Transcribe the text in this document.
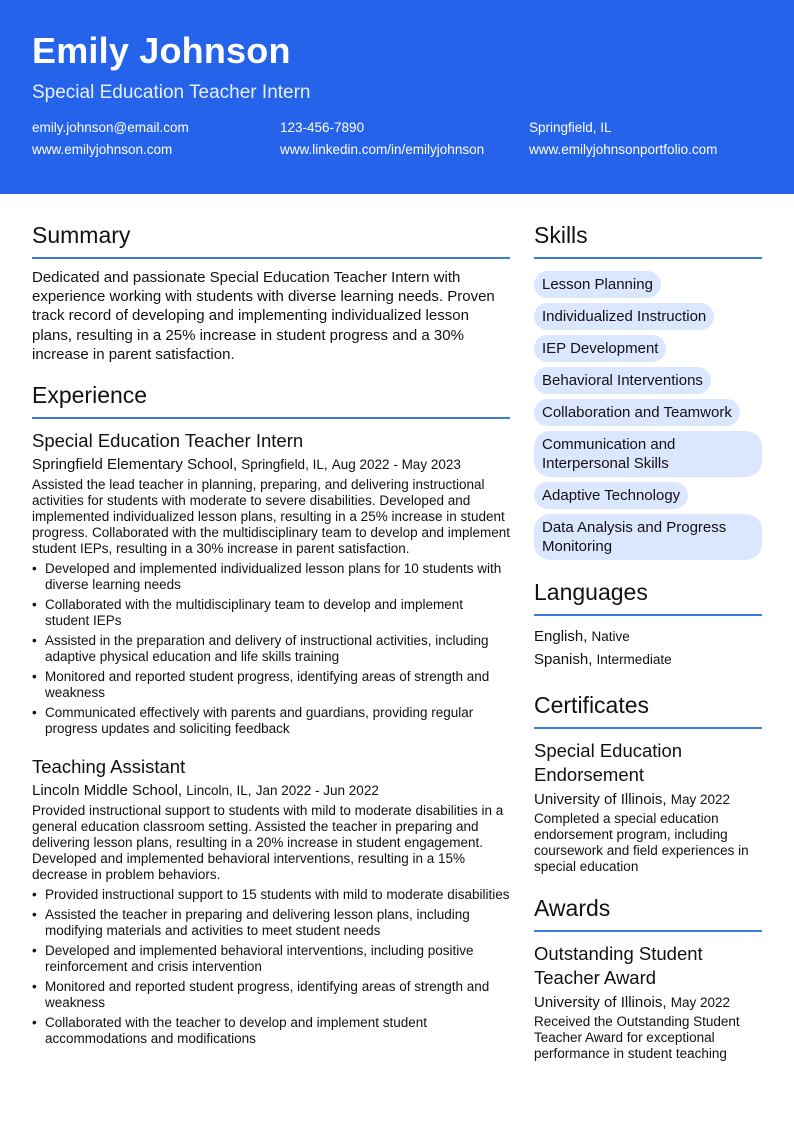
Emily Johnson
Special Education Teacher Intern
emily.johnson@email.com	123-456-7890	Springfield, IL
www.emilyjohnson.com	www.linkedin.com/in/emilyjohnson	www.emilyjohnsonportfolio.com
Summary

Dedicated and passionate Special Education Teacher Intern with experience working with students with diverse learning needs. Proven track record of developing and implementing individualized lesson plans, resulting in a 25% increase in student progress and a 30% increase in parent satisfaction.

Experience
Special Education Teacher Intern
Springfield Elementary School, Springfield, IL, Aug 2022 - May 2023

Assisted the lead teacher in planning, preparing, and delivering instructional activities for students with moderate to severe disabilities. Developed and implemented individualized lesson plans, resulting in a 25% increase in student progress. Collaborated with the multidisciplinary team to develop and implement student IEPs, resulting in a 30% increase in parent satisfaction.

• Developed and implemented individualized lesson plans for 10 students with diverse learning needs
• Collaborated with the multidisciplinary team to develop and implement student IEPs
• Assisted in the preparation and delivery of instructional activities, including adaptive physical education and life skills training
• Monitored and reported student progress, identifying areas of strength and weakness
• Communicated effectively with parents and guardians, providing regular progress updates and soliciting feedback
Teaching Assistant
Lincoln Middle School, Lincoln, IL, Jan 2022 - Jun 2022

Provided instructional support to students with mild to moderate disabilities in a general education classroom setting. Assisted the teacher in preparing and delivering lesson plans, resulting in a 20% increase in student engagement. Developed and implemented behavioral interventions, resulting in a 15% decrease in problem behaviors.

• Provided instructional support to 15 students with mild to moderate disabilities
• Assisted the teacher in preparing and delivering lesson plans, including modifying materials and activities to meet student needs
• Developed and implemented behavioral interventions, including positive reinforcement and crisis intervention
• Monitored and reported student progress, identifying areas of strength and weakness
• Collaborated with the teacher to develop and implement student accommodations and modifications
Skills
Lesson Planning
Individualized Instruction
IEP Development
Behavioral Interventions
Collaboration and Teamwork
Communication and Interpersonal Skills
Adaptive Technology
Data Analysis and Progress Monitoring
Languages
English, Native
Spanish, Intermediate
Certificates
Special Education Endorsement
University of Illinois, May 2022

Completed a special education endorsement program, including coursework and field experiences in special education

Awards
Outstanding Student Teacher Award
University of Illinois, May 2022

Received the Outstanding Student Teacher Award for exceptional performance in student teaching
